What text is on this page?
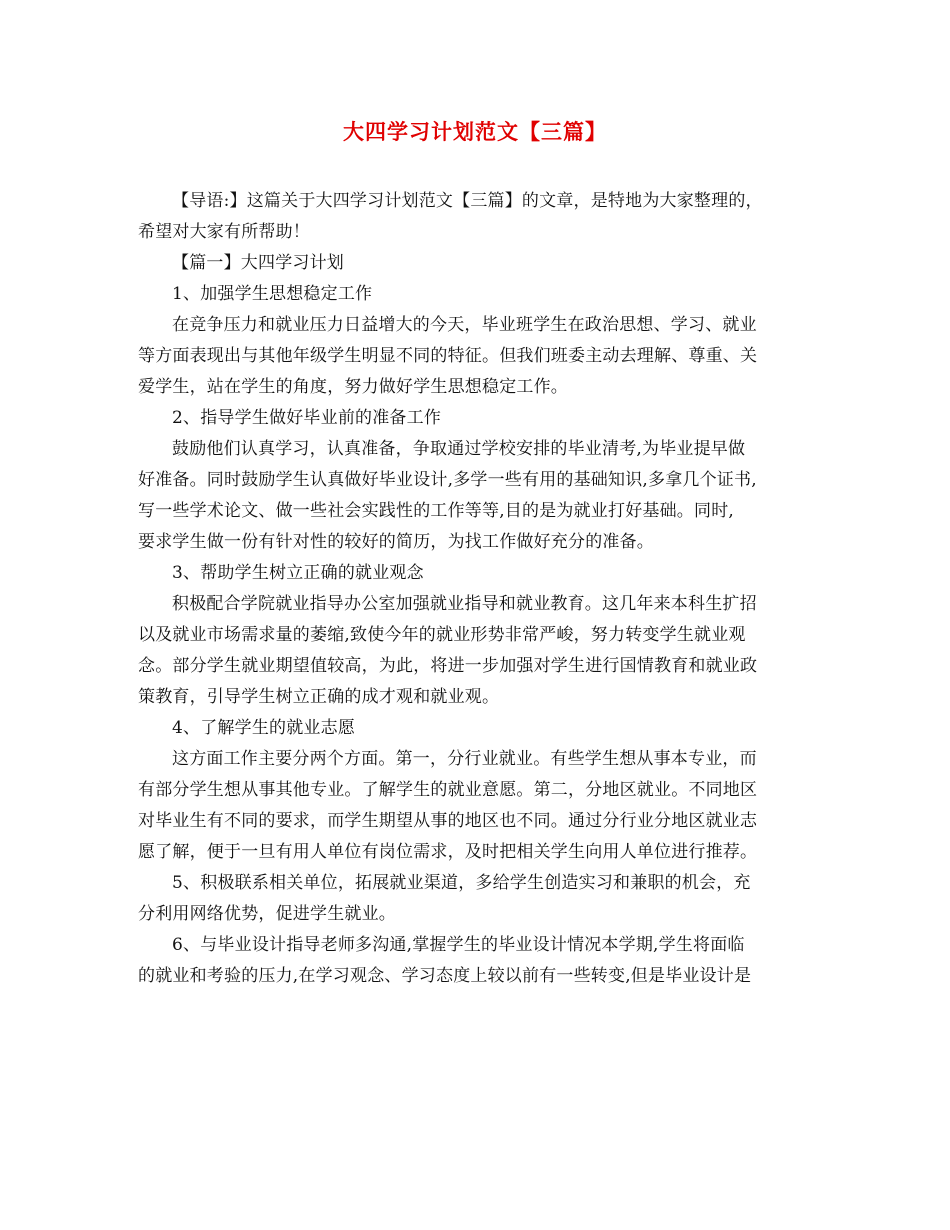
大四学习计划范文【三篇】

【导语:】这篇关于大四学习计划范文【三篇】的文章，是特地为大家整理的，
希望对大家有所帮助！

【篇一】大四学习计划

1、加强学生思想稳定工作

在竞争压力和就业压力日益增大的今天，毕业班学生在政治思想、学习、就业
等方面表现出与其他年级学生明显不同的特征。但我们班委主动去理解、尊重、关
爱学生，站在学生的角度，努力做好学生思想稳定工作。

2、指导学生做好毕业前的准备工作

鼓励他们认真学习，认真准备，争取通过学校安排的毕业清考,为毕业提早做
好准备。同时鼓励学生认真做好毕业设计,多学一些有用的基础知识,多拿几个证书,
写一些学术论文、做一些社会实践性的工作等等,目的是为就业打好基础。同时,
要求学生做一份有针对性的较好的简历，为找工作做好充分的准备。

3、帮助学生树立正确的就业观念

积极配合学院就业指导办公室加强就业指导和就业教育。这几年来本科生扩招
以及就业市场需求量的萎缩,致使今年的就业形势非常严峻，努力转变学生就业观
念。部分学生就业期望值较高，为此，将进一步加强对学生进行国情教育和就业政
策教育，引导学生树立正确的成才观和就业观。

4、了解学生的就业志愿

这方面工作主要分两个方面。第一，分行业就业。有些学生想从事本专业，而
有部分学生想从事其他专业。了解学生的就业意愿。第二，分地区就业。不同地区
对毕业生有不同的要求，而学生期望从事的地区也不同。通过分行业分地区就业志
愿了解，便于一旦有用人单位有岗位需求，及时把相关学生向用人单位进行推荐。

5、积极联系相关单位，拓展就业渠道，多给学生创造实习和兼职的机会，充
分利用网络优势，促进学生就业。

6、与毕业设计指导老师多沟通,掌握学生的毕业设计情况本学期,学生将面临
的就业和考验的压力,在学习观念、学习态度上较以前有一些转变,但是毕业设计是
